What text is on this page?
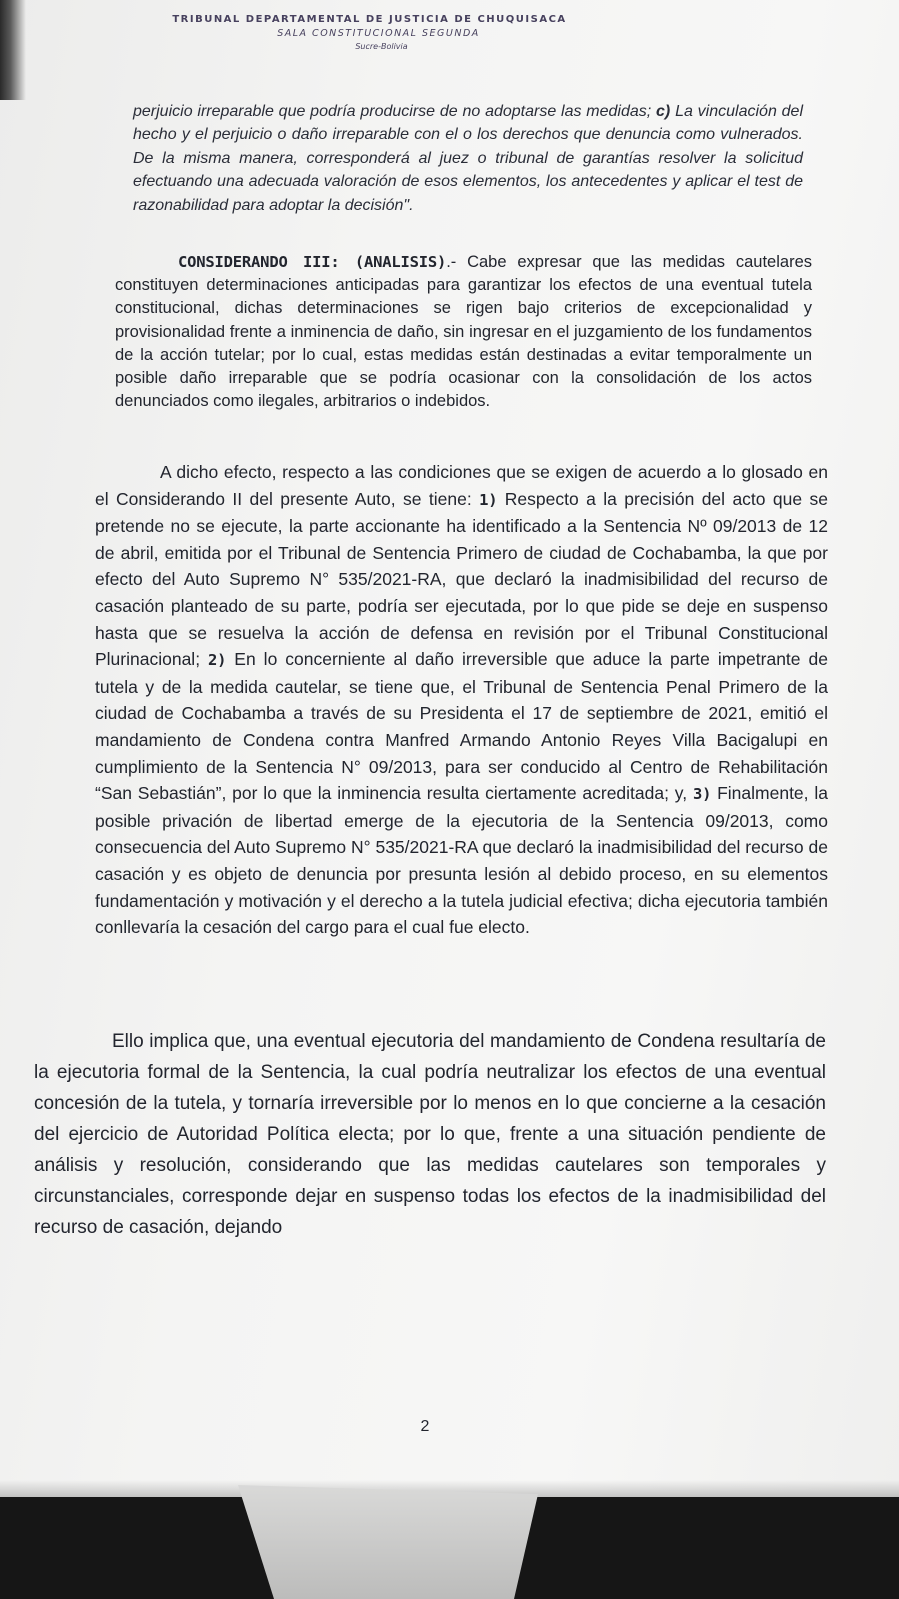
TRIBUNAL DEPARTAMENTAL DE JUSTICIA DE CHUQUISACA
SALA CONSTITUCIONAL SEGUNDA
Sucre-Bolivia
perjuicio irreparable que podría producirse de no adoptarse las medidas; c) La vinculación del hecho y el perjuicio o daño irreparable con el o los derechos que denuncia como vulnerados. De la misma manera, corresponderá al juez o tribunal de garantías resolver la solicitud efectuando una adecuada valoración de esos elementos, los antecedentes y aplicar el test de razonabilidad para adoptar la decisión".
CONSIDERANDO III: (ANALISIS).- Cabe expresar que las medidas cautelares constituyen determinaciones anticipadas para garantizar los efectos de una eventual tutela constitucional, dichas determinaciones se rigen bajo criterios de excepcionalidad y provisionalidad frente a inminencia de daño, sin ingresar en el juzgamiento de los fundamentos de la acción tutelar; por lo cual, estas medidas están destinadas a evitar temporalmente un posible daño irreparable que se podría ocasionar con la consolidación de los actos denunciados como ilegales, arbitrarios o indebidos.
A dicho efecto, respecto a las condiciones que se exigen de acuerdo a lo glosado en el Considerando II del presente Auto, se tiene: 1) Respecto a la precisión del acto que se pretende no se ejecute, la parte accionante ha identificado a la Sentencia Nº 09/2013 de 12 de abril, emitida por el Tribunal de Sentencia Primero de ciudad de Cochabamba, la que por efecto del Auto Supremo N° 535/2021-RA, que declaró la inadmisibilidad del recurso de casación planteado de su parte, podría ser ejecutada, por lo que pide se deje en suspenso hasta que se resuelva la acción de defensa en revisión por el Tribunal Constitucional Plurinacional; 2) En lo concerniente al daño irreversible que aduce la parte impetrante de tutela y de la medida cautelar, se tiene que, el Tribunal de Sentencia Penal Primero de la ciudad de Cochabamba a través de su Presidenta el 17 de septiembre de 2021, emitió el mandamiento de Condena contra Manfred Armando Antonio Reyes Villa Bacigalupi en cumplimiento de la Sentencia N° 09/2013, para ser conducido al Centro de Rehabilitación “San Sebastián”, por lo que la inminencia resulta ciertamente acreditada; y, 3) Finalmente, la posible privación de libertad emerge de la ejecutoria de la Sentencia 09/2013, como consecuencia del Auto Supremo N° 535/2021-RA que declaró la inadmisibilidad del recurso de casación y es objeto de denuncia por presunta lesión al debido proceso, en su elementos fundamentación y motivación y el derecho a la tutela judicial efectiva; dicha ejecutoria también conllevaría la cesación del cargo para el cual fue electo.
Ello implica que, una eventual ejecutoria del mandamiento de Condena resultaría de la ejecutoria formal de la Sentencia, la cual podría neutralizar los efectos de una eventual concesión de la tutela, y tornaría irreversible por lo menos en lo que concierne a la cesación del ejercicio de Autoridad Política electa; por lo que, frente a una situación pendiente de análisis y resolución, considerando que las medidas cautelares son temporales y circunstanciales, corresponde dejar en suspenso todas los efectos de la inadmisibilidad del recurso de casación, dejando
2
